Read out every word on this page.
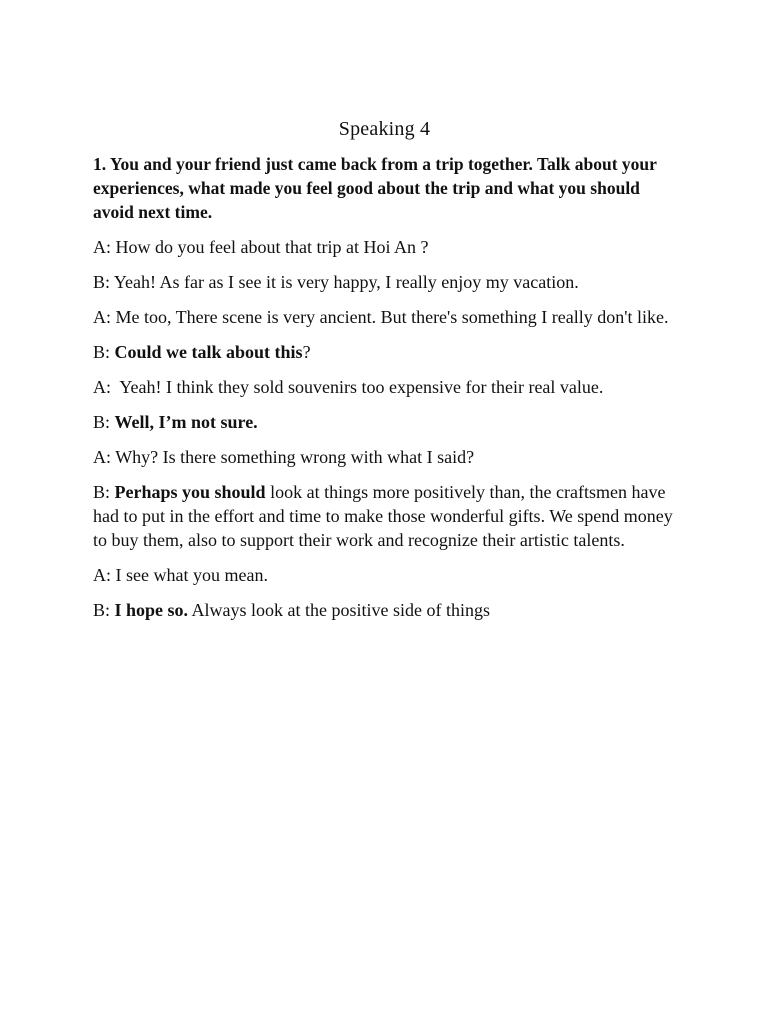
Speaking 4

1. You and your friend just came back from a trip together. Talk about your experiences, what made you feel good about the trip and what you should avoid next time.

A: How do you feel about that trip at Hoi An ?

B: Yeah! As far as I see it is very happy, I really enjoy my vacation.

A: Me too, There scene is very ancient. But there's something I really don't like.

B: Could we talk about this?

A:  Yeah! I think they sold souvenirs too expensive for their real value.

B: Well, I’m not sure.

A: Why? Is there something wrong with what I said?

B: Perhaps you should look at things more positively than, the craftsmen have had to put in the effort and time to make those wonderful gifts. We spend money to buy them, also to support their work and recognize their artistic talents.

A: I see what you mean.

B: I hope so. Always look at the positive side of things
